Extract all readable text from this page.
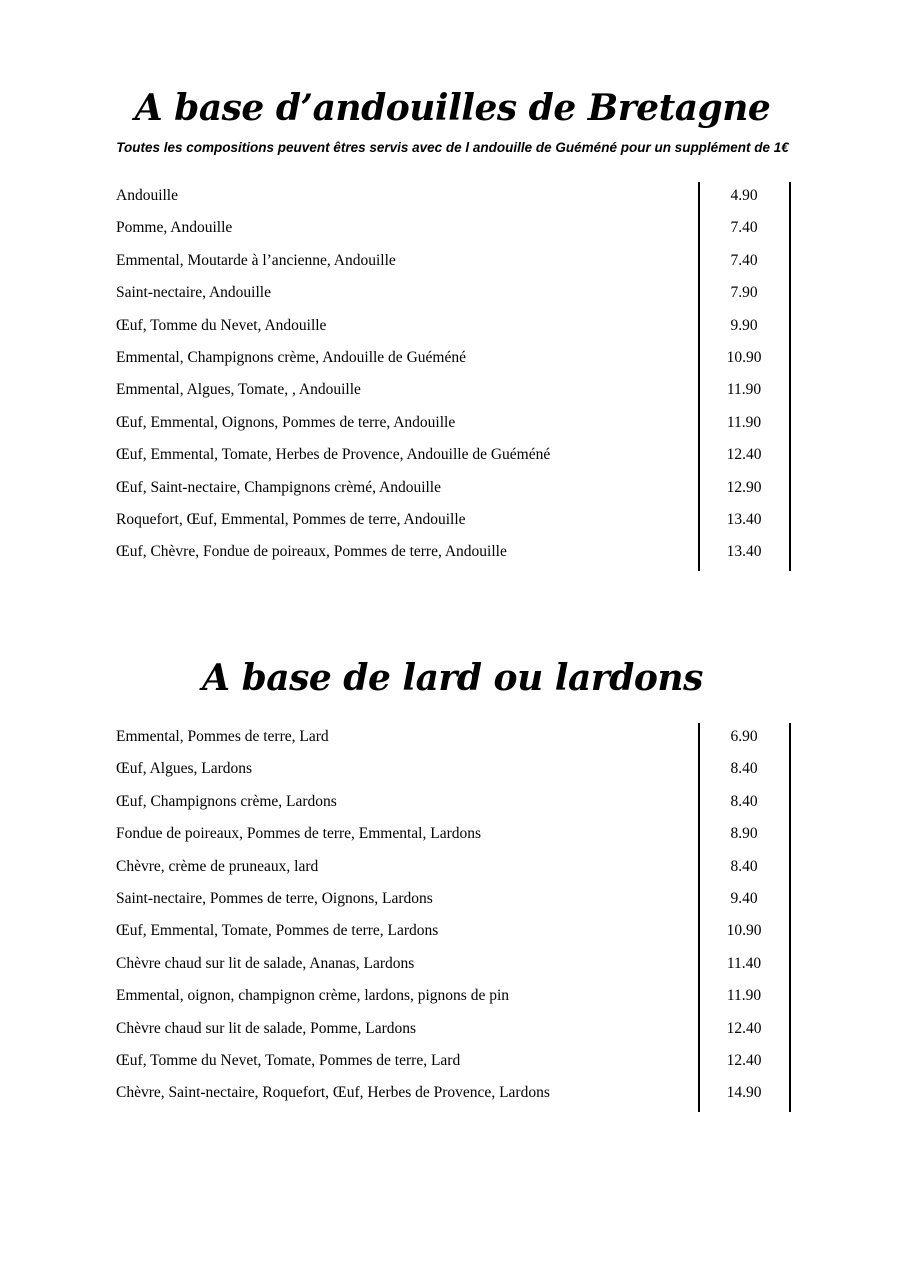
A base d’andouilles de Bretagne

Toutes les compositions peuvent êtres servis avec de l andouille de Guéméné pour un supplément de 1€

Andouille	4.90
Pomme, Andouille	7.40
Emmental, Moutarde à l’ancienne, Andouille	7.40
Saint-nectaire, Andouille	7.90
Œuf, Tomme du Nevet, Andouille	9.90
Emmental, Champignons crème, Andouille de Guéméné	10.90
Emmental, Algues, Tomate, , Andouille	11.90
Œuf, Emmental, Oignons, Pommes de terre, Andouille	11.90
Œuf, Emmental, Tomate, Herbes de Provence, Andouille de Guéméné	12.40
Œuf, Saint-nectaire, Champignons crèmé, Andouille	12.90
Roquefort, Œuf, Emmental, Pommes de terre, Andouille	13.40
Œuf, Chèvre, Fondue de poireaux, Pommes de terre, Andouille	13.40
A base de lard ou lardons
Emmental, Pommes de terre, Lard	6.90
Œuf, Algues, Lardons	8.40
Œuf, Champignons crème, Lardons	8.40
Fondue de poireaux, Pommes de terre, Emmental, Lardons	8.90
Chèvre, crème de pruneaux, lard	8.40
Saint-nectaire, Pommes de terre, Oignons, Lardons	9.40
Œuf, Emmental, Tomate, Pommes de terre, Lardons	10.90
Chèvre chaud sur lit de salade, Ananas, Lardons	11.40
Emmental, oignon, champignon crème, lardons, pignons de pin	11.90
Chèvre chaud sur lit de salade, Pomme, Lardons	12.40
Œuf, Tomme du Nevet, Tomate, Pommes de terre, Lard	12.40
Chèvre, Saint-nectaire, Roquefort, Œuf, Herbes de Provence, Lardons	14.90
